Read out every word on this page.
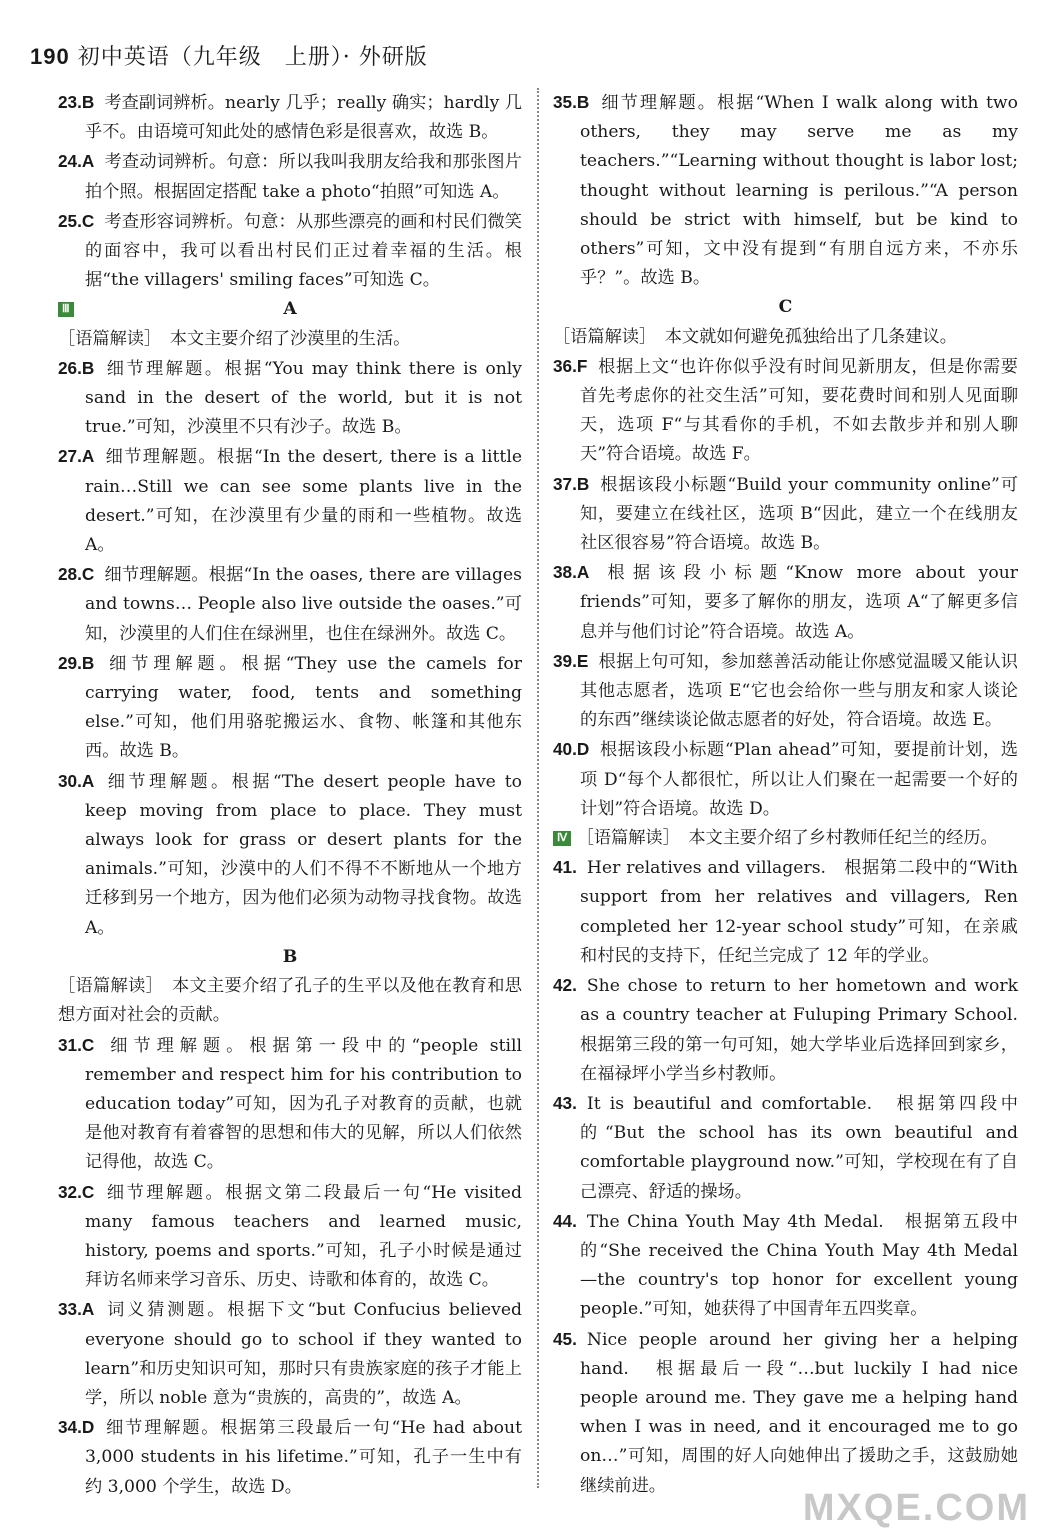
190 初中英语（九年级　上册）· 外研版

23.B 考查副词辨析。nearly 几乎；really 确实；hardly 几乎不。由语境可知此处的感情色彩是很喜欢，故选 B。

24.A 考查动词辨析。句意：所以我叫我朋友给我和那张图片拍个照。根据固定搭配 take a photo“拍照”可知选 A。

25.C 考查形容词辨析。句意：从那些漂亮的画和村民们微笑的面容中，我可以看出村民们正过着幸福的生活。根据“the villagers' smiling faces”可知选 C。

Ⅲ	A

［语篇解读］　本文主要介绍了沙漠里的生活。

26.B 细节理解题。根据“You may think there is only sand in the desert of the world, but it is not true.”可知，沙漠里不只有沙子。故选 B。

27.A 细节理解题。根据“In the desert, there is a little rain…Still we can see some plants live in the desert.”可知，在沙漠里有少量的雨和一些植物。故选 A。

28.C 细节理解题。根据“In the oases, there are villages and towns… People also live outside the oases.”可知，沙漠里的人们住在绿洲里，也住在绿洲外。故选 C。

29.B 细节理解题。根据“They use the camels for carrying water, food, tents and something else.”可知，他们用骆驼搬运水、食物、帐篷和其他东西。故选 B。

30.A 细节理解题。根据“The desert people have to keep moving from place to place. They must always look for grass or desert plants for the animals.”可知，沙漠中的人们不得不不断地从一个地方迁移到另一个地方，因为他们必须为动物寻找食物。故选 A。

B

［语篇解读］　本文主要介绍了孔子的生平以及他在教育和思想方面对社会的贡献。

31.C 细节理解题。根据第一段中的“people still remember and respect him for his contribution to education today”可知，因为孔子对教育的贡献，也就是他对教育有着睿智的思想和伟大的见解，所以人们依然记得他，故选 C。

32.C 细节理解题。根据文第二段最后一句“He visited many famous teachers and learned music, history, poems and sports.”可知，孔子小时候是通过拜访名师来学习音乐、历史、诗歌和体育的，故选 C。

33.A 词义猜测题。根据下文“but Confucius believed everyone should go to school if they wanted to learn”和历史知识可知，那时只有贵族家庭的孩子才能上学，所以 noble 意为“贵族的，高贵的”，故选 A。

34.D 细节理解题。根据第三段最后一句“He had about 3,000 students in his lifetime.”可知，孔子一生中有约 3,000 个学生，故选 D。

35.B 细节理解题。根据“When I walk along with two others, they may serve me as my teachers.”“Learning without thought is labor lost; thought without learning is perilous.”“A person should be strict with himself, but be kind to others”可知，文中没有提到“有朋自远方来，不亦乐乎？”。故选 B。

C

［语篇解读］　本文就如何避免孤独给出了几条建议。

36.F 根据上文“也许你似乎没有时间见新朋友，但是你需要首先考虑你的社交生活”可知，要花费时间和别人见面聊天，选项 F“与其看你的手机，不如去散步并和别人聊天”符合语境。故选 F。

37.B 根据该段小标题“Build your community online”可知，要建立在线社区，选项 B“因此，建立一个在线朋友社区很容易”符合语境。故选 B。

38.A 根据该段小标题“Know more about your friends”可知，要多了解你的朋友，选项 A“了解更多信息并与他们讨论”符合语境。故选 A。

39.E 根据上句可知，参加慈善活动能让你感觉温暖又能认识其他志愿者，选项 E“它也会给你一些与朋友和家人谈论的东西”继续谈论做志愿者的好处，符合语境。故选 E。

40.D 根据该段小标题“Plan ahead”可知，要提前计划，选项 D“每个人都很忙，所以让人们聚在一起需要一个好的计划”符合语境。故选 D。

Ⅳ ［语篇解读］　本文主要介绍了乡村教师任纪兰的经历。

41. Her relatives and villagers.　根据第二段中的“With support from her relatives and villagers, Ren completed her 12-year school study”可知，在亲戚和村民的支持下，任纪兰完成了 12 年的学业。

42. She chose to return to her hometown and work as a country teacher at Fuluping Primary School.　根据第三段的第一句可知，她大学毕业后选择回到家乡，在福禄坪小学当乡村教师。

43. It is beautiful and comfortable.　根据第四段中的“But the school has its own beautiful and comfortable playground now.”可知，学校现在有了自己漂亮、舒适的操场。

44. The China Youth May 4th Medal.　根据第五段中的“She received the China Youth May 4th Medal—the country's top honor for excellent young people.”可知，她获得了中国青年五四奖章。

45. Nice people around her giving her a helping hand.　根据最后一段“…but luckily I had nice people around me. They gave me a helping hand when I was in need, and it encouraged me to go on…”可知，周围的好人向她伸出了援助之手，这鼓励她继续前进。

MXQE.COM
